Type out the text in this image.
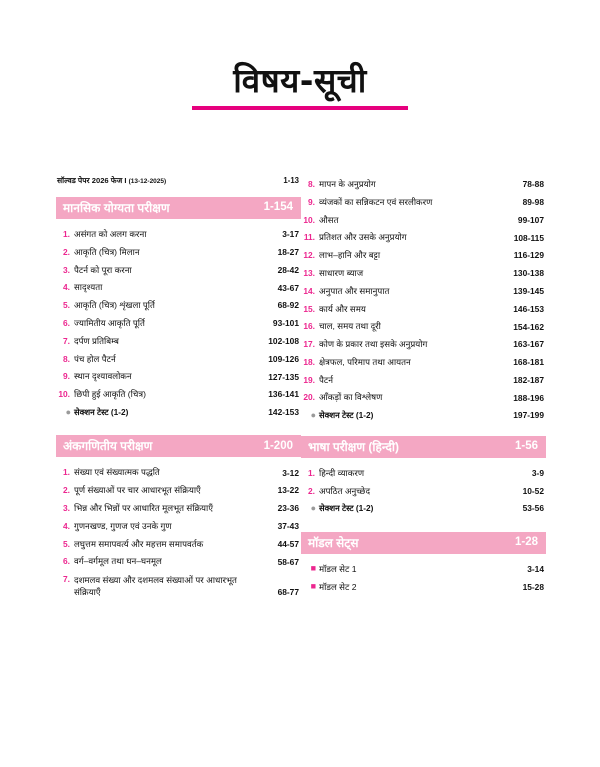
विषय-सूची
सॉल्वड पेपर 2026 फेज I (13-12-2025)	1-13
मानसिक योग्यता परीक्षण	1-154
1. असंगत को अलग करना	3-17
2. आकृति (चित्र) मिलान	18-27
3. पैटर्न को पूरा करना	28-42
4. सादृश्यता	43-67
5. आकृति (चित्र) शृंखला पूर्ति	68-92
6. ज्यामितीय आकृति पूर्ति	93-101
7. दर्पण प्रतिबिम्ब	102-108
8. पंच होल पैटर्न	109-126
9. स्थान दृश्यावलोकन	127-135
10. छिपी हुई आकृति (चित्र)	136-141
● सेक्शन टेस्ट (1-2)	142-153
अंकगणितीय परीक्षण	1-200
1. संख्या एवं संख्यात्मक पद्धति	3-12
2. पूर्ण संख्याओं पर चार आधारभूत संक्रियाएँ	13-22
3. भिन्न और भिन्नों पर आधारित मूलभूत संक्रियाएँ	23-36
4. गुणनखण्ड, गुणज एवं उनके गुण	37-43
5. लघुत्तम समापवर्त्य और महत्तम समापवर्तक	44-57
6. वर्ग–वर्गमूल तथा घन–घनमूल	58-67
7. दशमलव संख्या और दशमलव संख्याओं पर आधारभूत संक्रियाएँ	68-77
8. मापन के अनुप्रयोग	78-88
9. व्यंजकों का सन्निकटन एवं सरलीकरण	89-98
10. औसत	99-107
11. प्रतिशत और उसके अनुप्रयोग	108-115
12. लाभ–हानि और बट्टा	116-129
13. साधारण ब्याज	130-138
14. अनुपात और समानुपात	139-145
15. कार्य और समय	146-153
16. चाल, समय तथा दूरी	154-162
17. कोण के प्रकार तथा इसके अनुप्रयोग	163-167
18. क्षेत्रफल, परिमाप तथा आयतन	168-181
19. पैटर्न	182-187
20. आँकड़ों का विश्लेषण	188-196
● सेक्शन टेस्ट (1-2)	197-199
भाषा परीक्षण (हिन्दी)	1-56
1. हिन्दी व्याकरण	3-9
2. अपठित अनुच्छेद	10-52
● सेक्शन टेस्ट (1-2)	53-56
मॉडल सेट्स	1-28
■ मॉडल सेट 1	3-14
■ मॉडल सेट 2	15-28
